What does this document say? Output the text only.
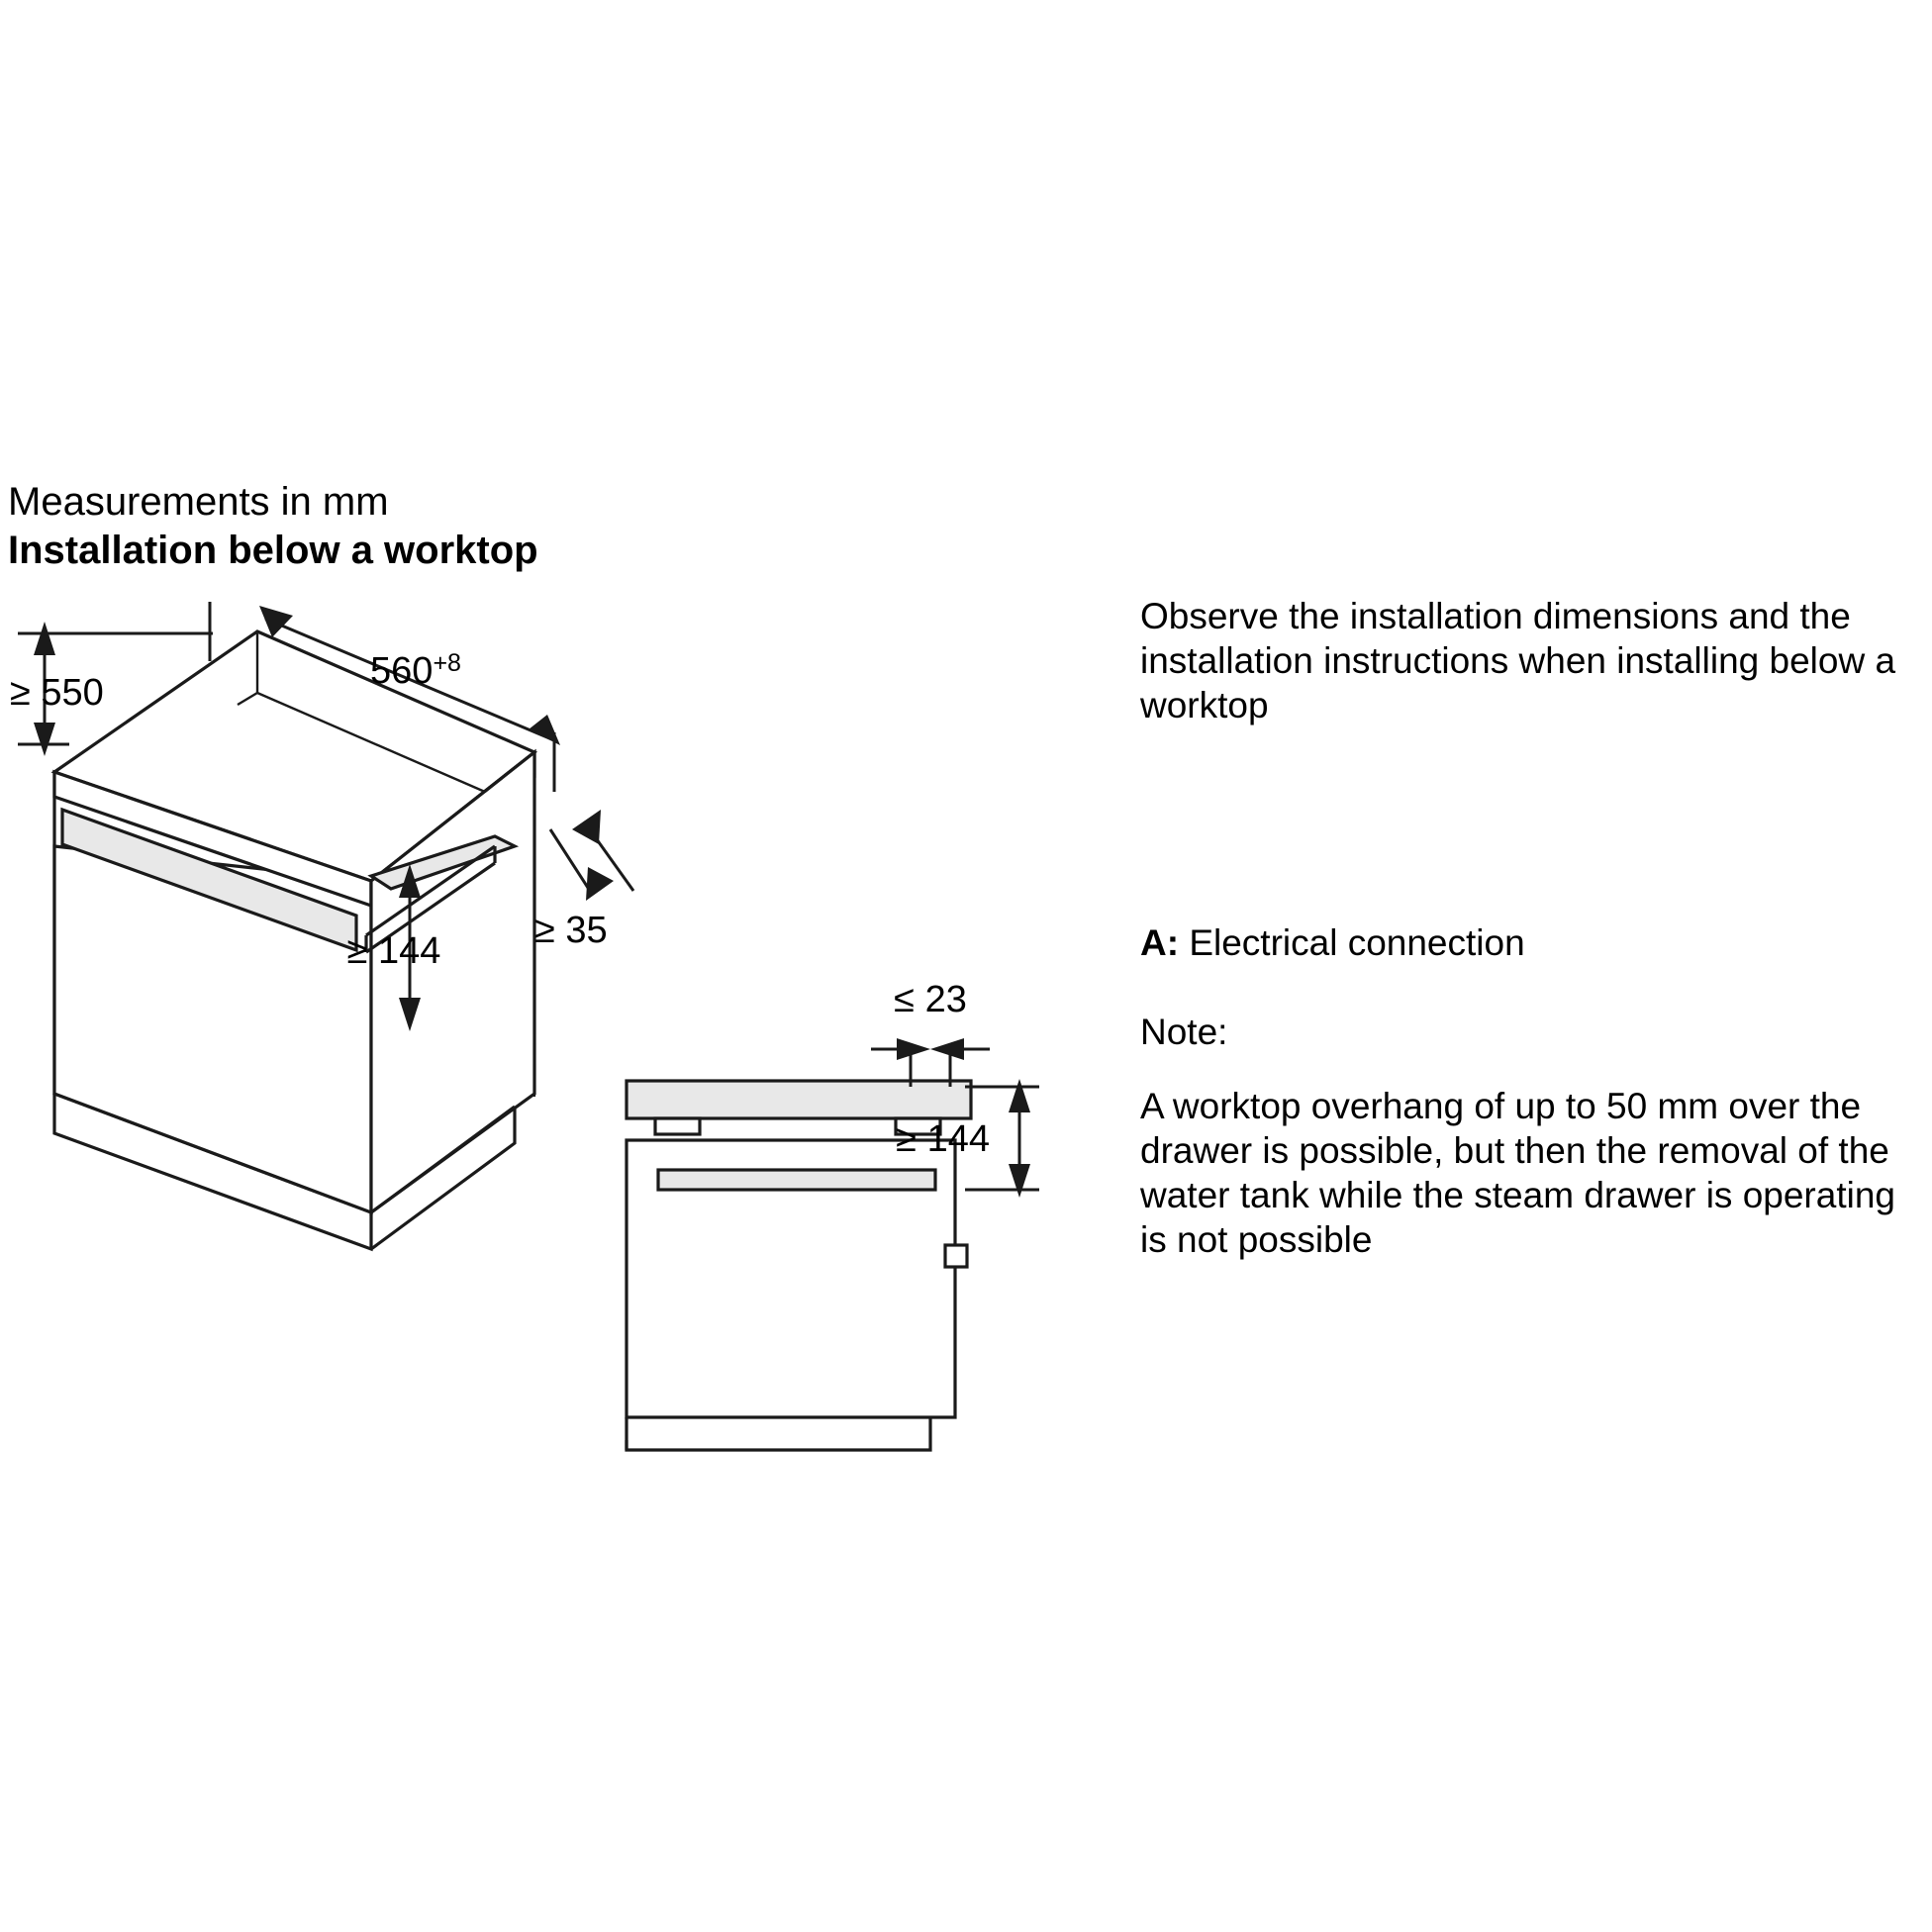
Measurements in mm
Installation below a worktop
Observe the installation dimensions and the installation instructions when installing below a worktop
A: Electrical connection
Note:
A worktop overhang of up to 50 mm over the drawer is possible, but then the removal of the water tank while the steam drawer is operating is not possible
$560^{+8}$
≥ 550
≥ 144 ≥ 35
≤ 23
≥ 144
